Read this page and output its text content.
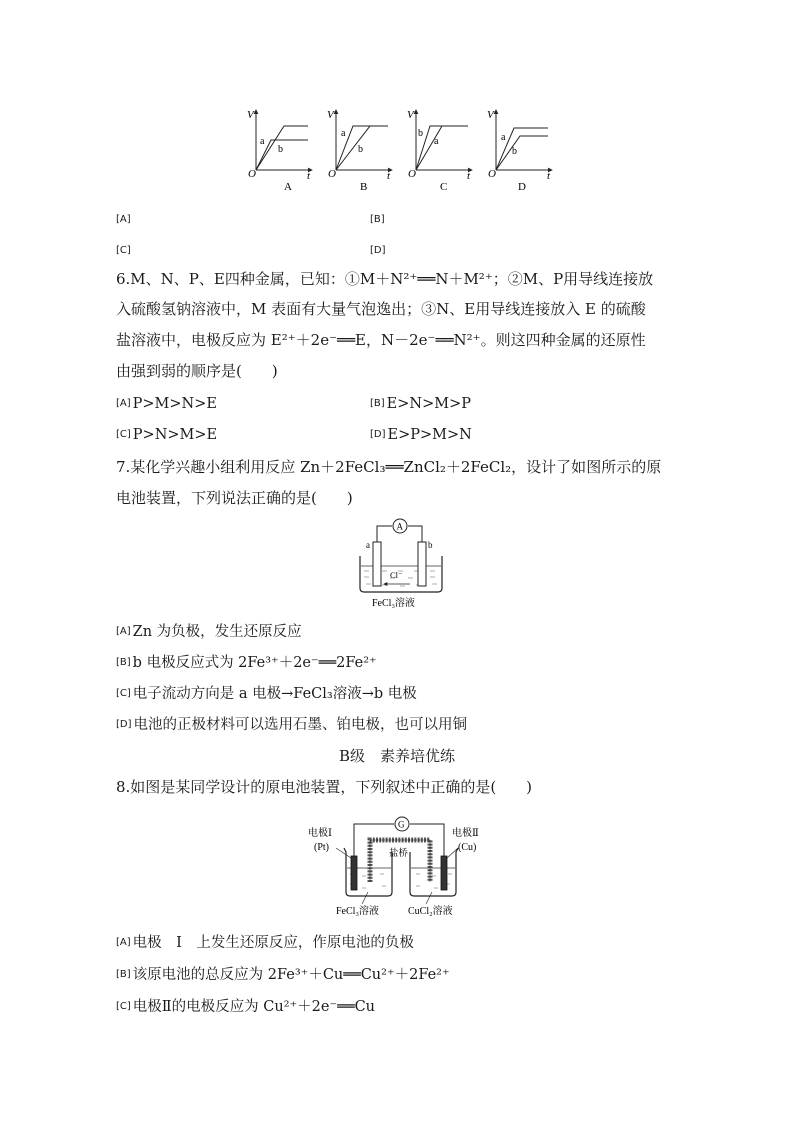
V
O	t
a
b
A
V
O	t
a
b
B
b
a
V
O	t
C
a
b
V
O	t
D
[A]	[B]
[C]	[D]
6.M、N、P、E四种金属，已知：①M＋N²⁺══N＋M²⁺；②M、P用导线连接放
入硫酸氢钠溶液中，M 表面有大量气泡逸出；③N、E用导线连接放入 E 的硫酸
盐溶液中，电极反应为 E²⁺＋2e⁻══E，N－2e⁻══N²⁺。则这四种金属的还原性
由强到弱的顺序是(　　)
[A] P>M>N>E	[B] E>N>M>P
[C] P>N>M>E	[D] E>P>M>N
7.某化学兴趣小组利用反应 Zn＋2FeCl₃══ZnCl₂＋2FeCl₂，设计了如图所示的原
电池装置，下列说法正确的是(　　)
A
a	b
Cl⁻
FeCl₃溶液
[A] Zn 为负极，发生还原反应
[B] b 电极反应式为 2Fe³⁺＋2e⁻══2Fe²⁺
[C] 电子流动方向是 a 电极→FeCl₃溶液→b 电极
[D] 电池的正极材料可以选用石墨、铂电极，也可以用铜
B级　素养培优练
8.如图是某同学设计的原电池装置，下列叙述中正确的是(　　)
G
盐桥
电极Ⅰ
(Pt)
电极Ⅱ
(Cu)
FeCl₃溶液	CuCl₂溶液
[A] 电极　Ⅰ　上发生还原反应，作原电池的负极
[B] 该原电池的总反应为 2Fe³⁺＋Cu══Cu²⁺＋2Fe²⁺
[C] 电极Ⅱ的电极反应为 Cu²⁺＋2e⁻══Cu
